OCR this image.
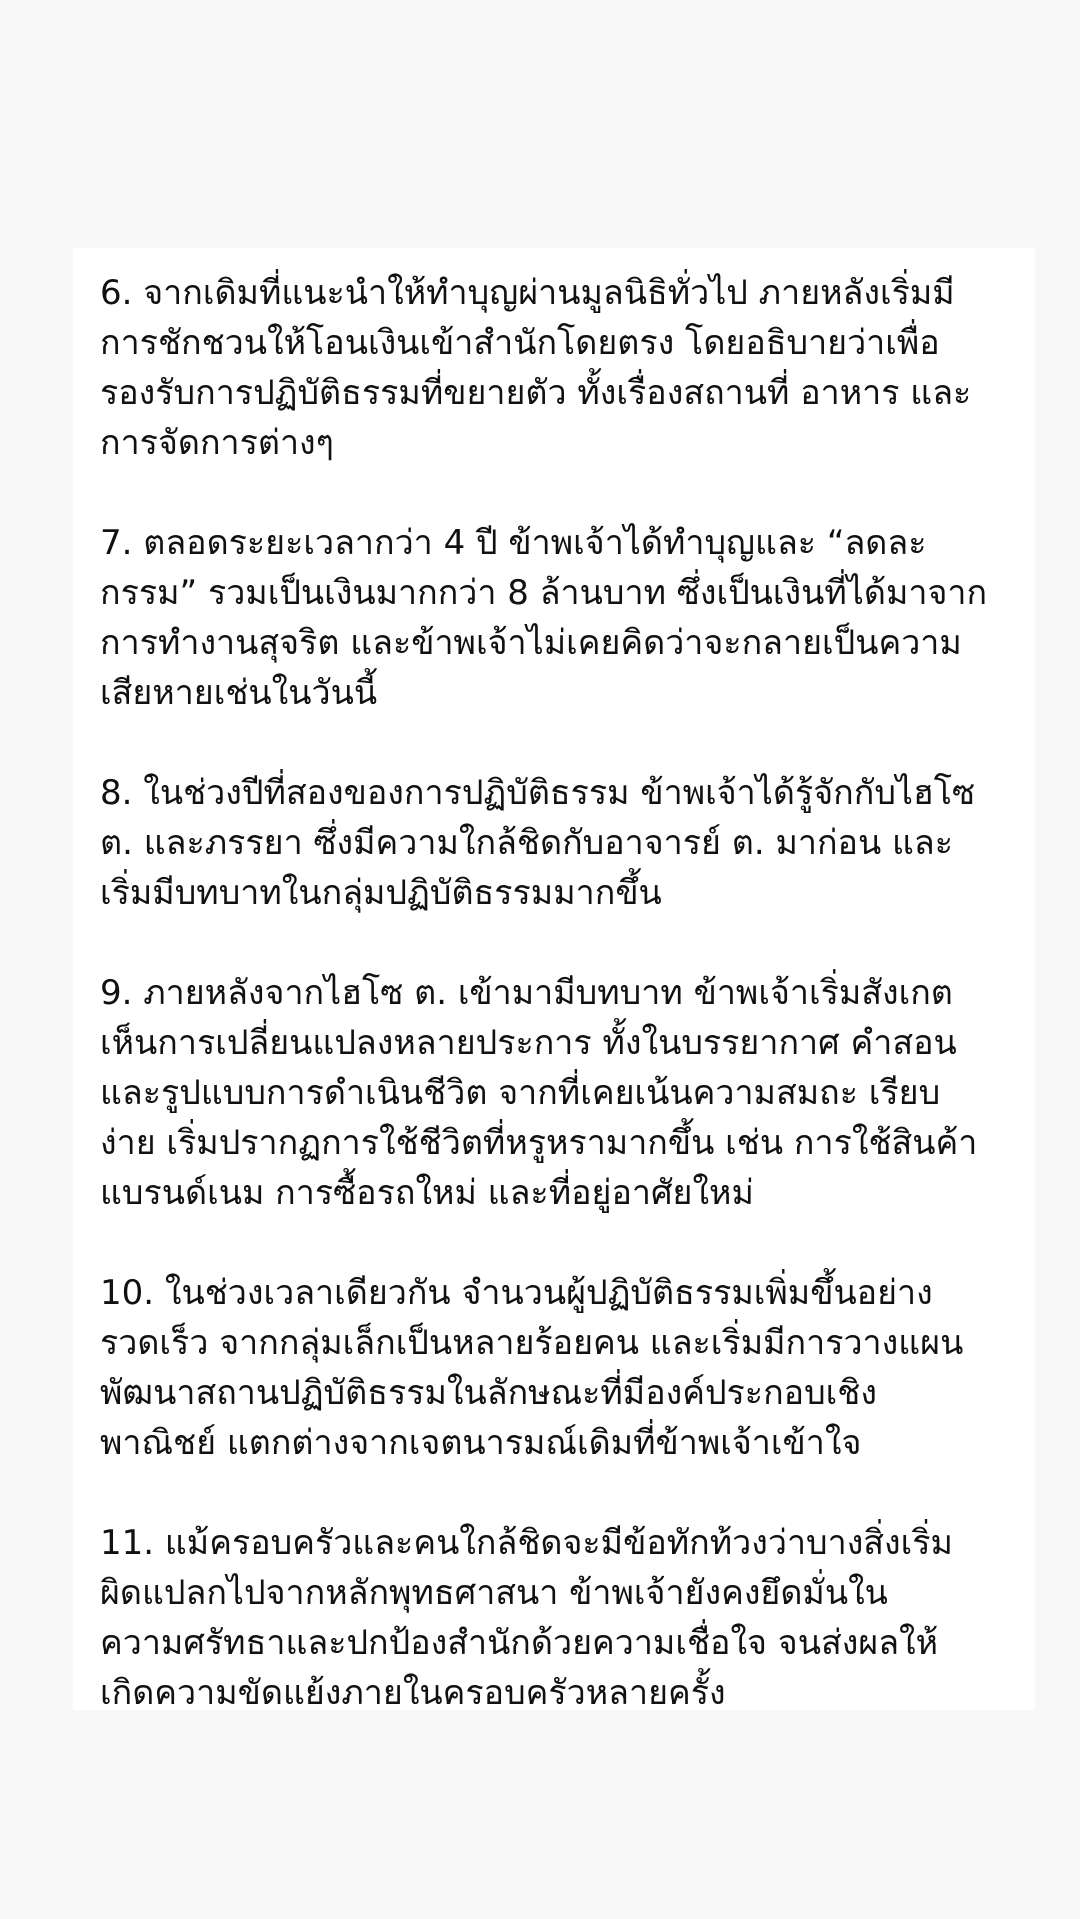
6. จากเดิมที่แนะนำให้ทำบุญผ่านมูลนิธิทั่วไป ภายหลังเริ่มมี
การชักชวนให้โอนเงินเข้าสำนักโดยตรง โดยอธิบายว่าเพื่อ
รองรับการปฏิบัติธรรมที่ขยายตัว ทั้งเรื่องสถานที่ อาหาร และ
การจัดการต่างๆ

7. ตลอดระยะเวลากว่า 4 ปี ข้าพเจ้าได้ทำบุญและ “ลดละ
กรรม” รวมเป็นเงินมากกว่า 8 ล้านบาท ซึ่งเป็นเงินที่ได้มาจาก
การทำงานสุจริต และข้าพเจ้าไม่เคยคิดว่าจะกลายเป็นความ
เสียหายเช่นในวันนี้

8. ในช่วงปีที่สองของการปฏิบัติธรรม ข้าพเจ้าได้รู้จักกับไฮโซ
ต. และภรรยา ซึ่งมีความใกล้ชิดกับอาจารย์ ต. มาก่อน และ
เริ่มมีบทบาทในกลุ่มปฏิบัติธรรมมากขึ้น

9. ภายหลังจากไฮโซ ต. เข้ามามีบทบาท ข้าพเจ้าเริ่มสังเกต
เห็นการเปลี่ยนแปลงหลายประการ ทั้งในบรรยากาศ คำสอน
และรูปแบบการดำเนินชีวิต จากที่เคยเน้นความสมถะ เรียบ
ง่าย เริ่มปรากฏการใช้ชีวิตที่หรูหรามากขึ้น เช่น การใช้สินค้า
แบรนด์เนม การซื้อรถใหม่ และที่อยู่อาศัยใหม่

10. ในช่วงเวลาเดียวกัน จำนวนผู้ปฏิบัติธรรมเพิ่มขึ้นอย่าง
รวดเร็ว จากกลุ่มเล็กเป็นหลายร้อยคน และเริ่มมีการวางแผน
พัฒนาสถานปฏิบัติธรรมในลักษณะที่มีองค์ประกอบเชิง
พาณิชย์ แตกต่างจากเจตนารมณ์เดิมที่ข้าพเจ้าเข้าใจ

11. แม้ครอบครัวและคนใกล้ชิดจะมีข้อทักท้วงว่าบางสิ่งเริ่ม
ผิดแปลกไปจากหลักพุทธศาสนา ข้าพเจ้ายังคงยึดมั่นใน
ความศรัทธาและปกป้องสำนักด้วยความเชื่อใจ จนส่งผลให้
เกิดความขัดแย้งภายในครอบครัวหลายครั้ง
